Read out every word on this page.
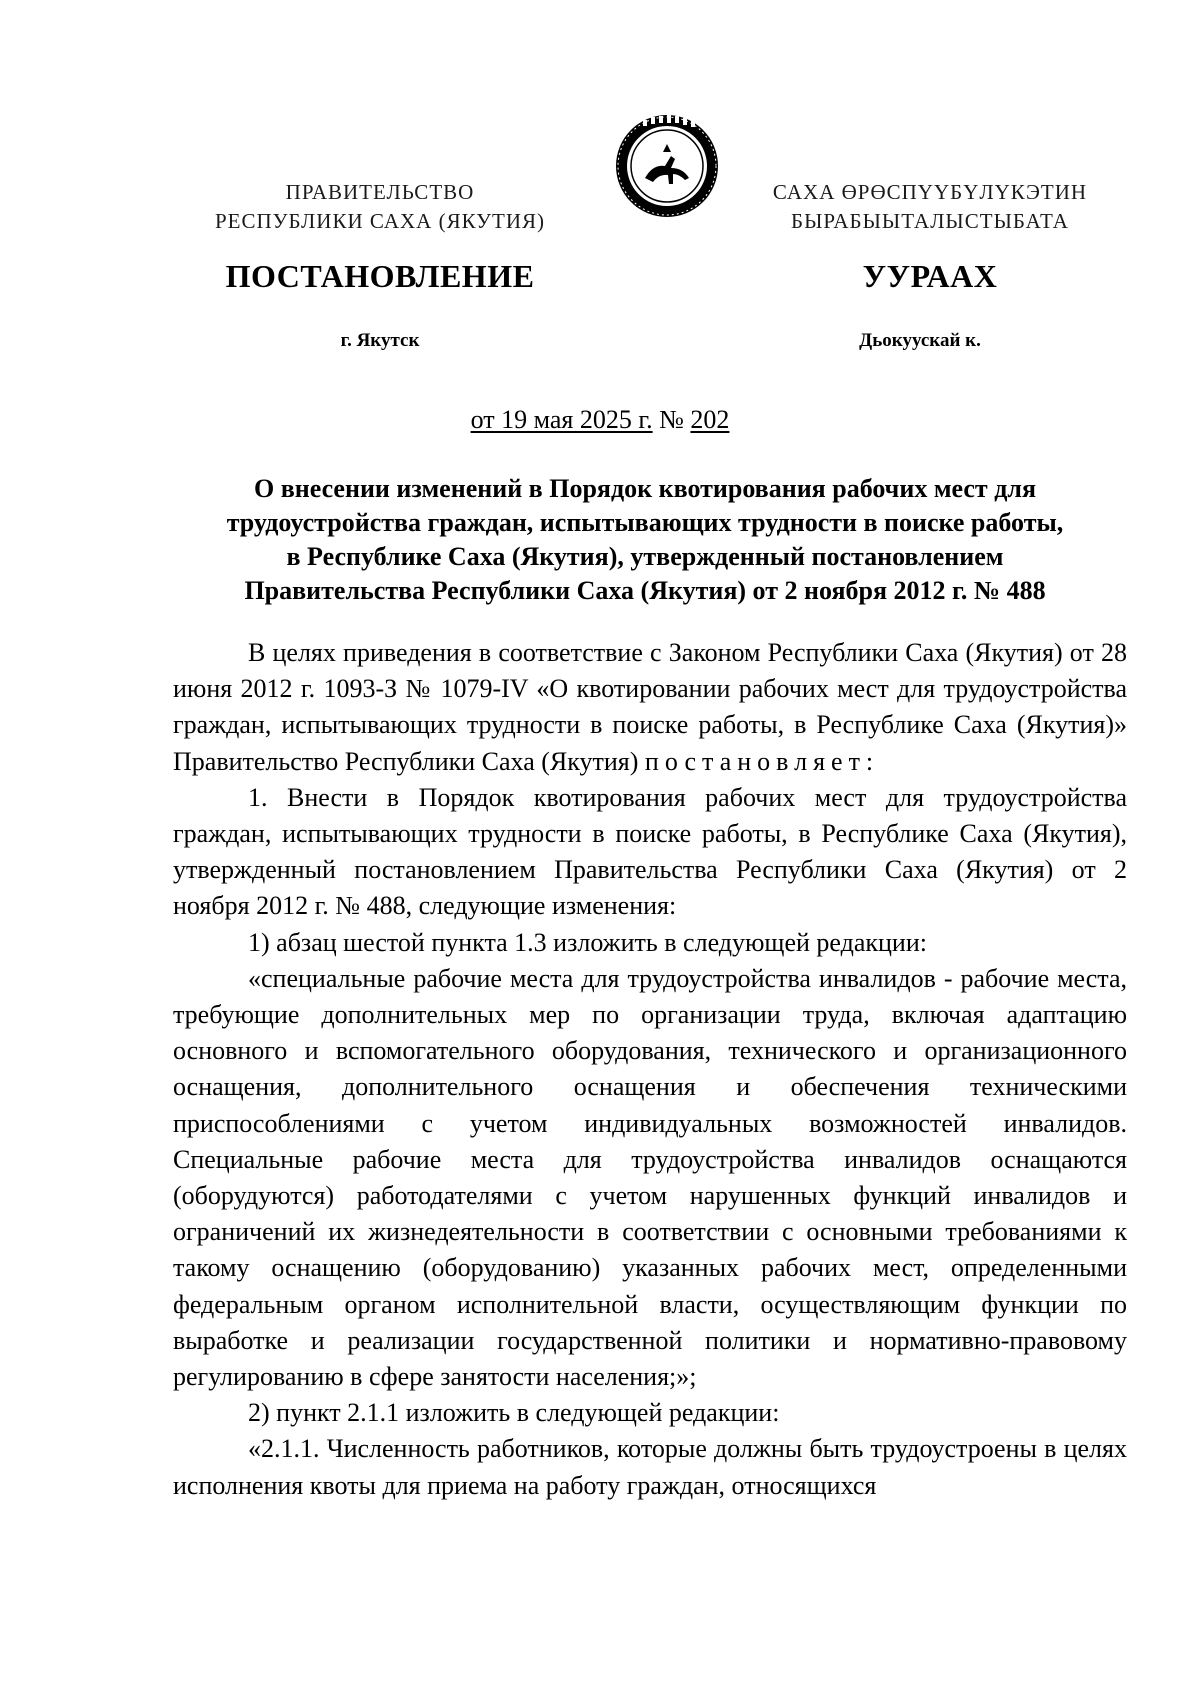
ПРАВИТЕЛЬСТВО
РЕСПУБЛИКИ САХА (ЯКУТИЯ)
САХА ӨРӨСПҮҮБҮЛҮКЭТИН
БЫРАБЫЫТАЛЫСТЫБАТА
ПОСТАНОВЛЕНИЕ	УУРААХ
г. Якутск	Дьокуускай к.
от 19 мая 2025 г. № 202
О внесении изменений в Порядок квотирования рабочих мест для
трудоустройства граждан, испытывающих трудности в поиске работы,
в Республике Саха (Якутия), утвержденный постановлением
Правительства Республики Саха (Якутия) от 2 ноября 2012 г. № 488

В целях приведения в соответствие с Законом Республики Саха (Якутия) от 28 июня 2012 г. 1093-З № 1079-IV «О квотировании рабочих мест для трудоустройства граждан, испытывающих трудности в поиске работы, в Республике Саха (Якутия)» Правительство Республики Саха (Якутия) постановляет:

1. Внести в Порядок квотирования рабочих мест для трудоустройства граждан, испытывающих трудности в поиске работы, в Республике Саха (Якутия), утвержденный постановлением Правительства Республики Саха (Якутия) от 2 ноября 2012 г. № 488, следующие изменения:

1) абзац шестой пункта 1.3 изложить в следующей редакции:

«специальные рабочие места для трудоустройства инвалидов - рабочие места, требующие дополнительных мер по организации труда, включая адаптацию основного и вспомогательного оборудования, технического и организационного оснащения, дополнительного оснащения и обеспечения техническими приспособлениями с учетом индивидуальных возможностей инвалидов. Специальные рабочие места для трудоустройства инвалидов оснащаются (оборудуются) работодателями с учетом нарушенных функций инвалидов и ограничений их жизнедеятельности в соответствии с основными требованиями к такому оснащению (оборудованию) указанных рабочих мест, определенными федеральным органом исполнительной власти, осуществляющим функции по выработке и реализации государственной политики и нормативно-правовому регулированию в сфере занятости населения;»;

2) пункт 2.1.1 изложить в следующей редакции:

«2.1.1. Численность работников, которые должны быть трудоустроены в целях исполнения квоты для приема на работу граждан, относящихся
